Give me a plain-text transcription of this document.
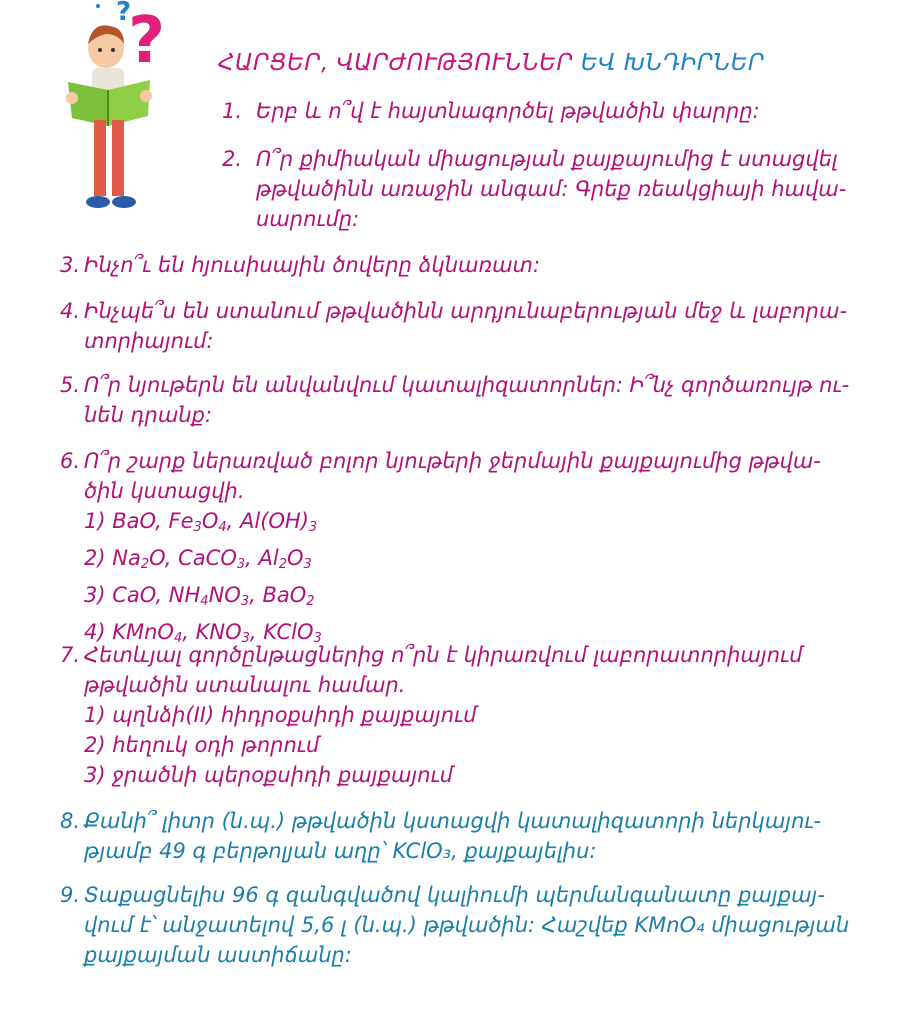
?
?
ՀԱՐՑԵՐ, ՎԱՐԺՈՒԹՅՈՒՆՆԵՐ ԵՎ ԽՆԴԻՐՆԵՐ
1. Երբ և ո՞վ է հայտնագործել թթվածին փարրը:
2. Ո՞ր քիմիական միացության քայքայումից է ստացվել
թթվածինն առաջին անգամ: Գրեք ռեակցիայի հավա-
սարումը:
3. Ինչո՞ւ են հյուսիսային ծովերը ձկնառատ:
4. Ինչպե՞ս են ստանում թթվածինն արդյունաբերության մեջ և լաբորա-
տորիայում:
5. Ո՞ր նյութերն են անվանվում կատալիզատորներ: Ի՞նչ գործառույթ ու-
նեն դրանք:
6. Ո՞ր շարք ներառված բոլոր նյութերի ջերմային քայքայումից թթվա-
ծին կստացվի.
1) BaO, $Fe_3O_4$, $Al(OH)_3$
2) $Na_2O$, CaCO$_3$, $Al_2O_3$
3) CaO, $NH_4NO_3$, BaO$_2$
4) KMnO$_4$, $KNO_3$, KClO$_3$
7. Հետևյալ գործընթացներից ո՞րն է կիրառվում լաբորատորիայում
թթվածին ստանալու համար.
1) պղնձի(II) հիդրօքսիդի քայքայում
2) հեղուկ օդի թորում
3) ջրածնի պերօքսիդի քայքայում
8. Քանի՞ լիտր (ն.պ.) թթվածին կստացվի կատալիզատորի ներկայու-
թյամբ 49 գ բերթոլյան աղը՝ KClO₃, քայքայելիս:
9. Տաքացնելիս 96 գ զանգվածով կալիումի պերմանգանատը քայքայ-
վում է՝ անջատելով 5,6 լ (ն.պ.) թթվածին: Հաշվեք KMnO₄ միացության
քայքայման աստիճանը:
